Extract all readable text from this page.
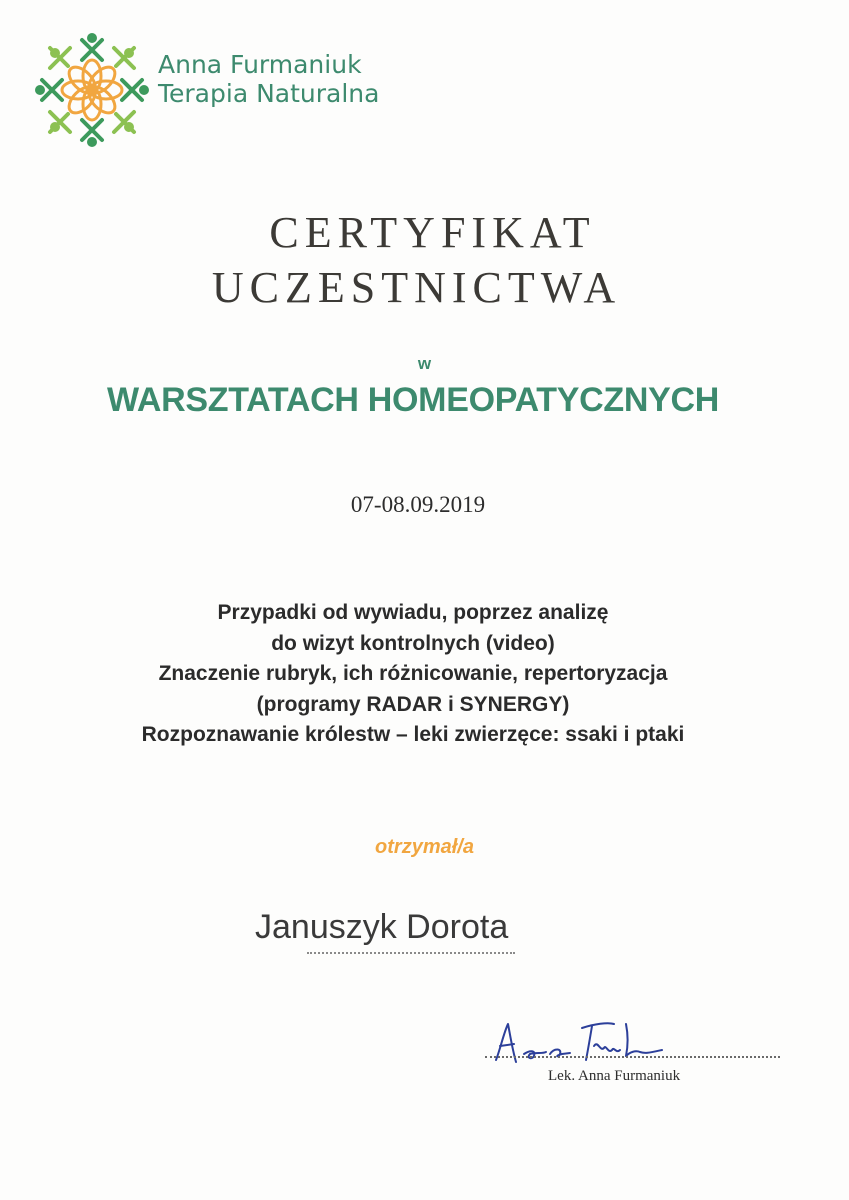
Anna Furmaniuk
Terapia Naturalna
CERTYFIKAT
UCZESTNICTWA
w
WARSZTATACH HOMEOPATYCZNYCH
07-08.09.2019
Przypadki od wywiadu, poprzez analizę
do wizyt kontrolnych (video)
Znaczenie rubryk, ich różnicowanie, repertoryzacja
(programy RADAR i SYNERGY)
Rozpoznawanie królestw – leki zwierzęce: ssaki i ptaki
otrzymał/a
Januszyk Dorota
Lek. Anna Furmaniuk
